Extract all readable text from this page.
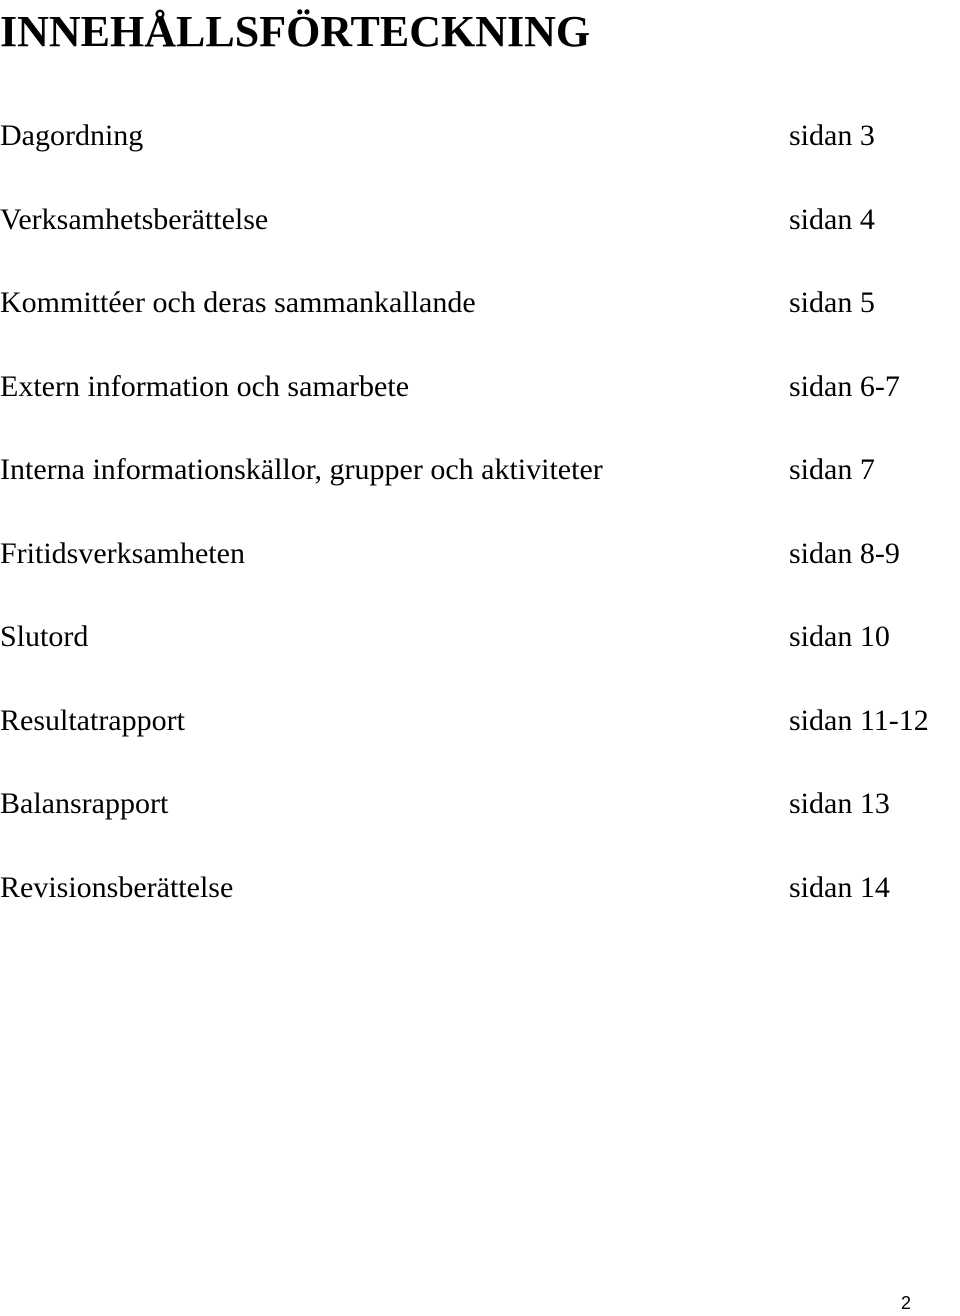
INNEHÅLLSFÖRTECKNING
Dagordning	sidan 3
Verksamhetsberättelse	sidan 4
Kommittéer och deras sammankallande	sidan 5
Extern information och samarbete	sidan 6-7
Interna informationskällor, grupper och aktiviteter	sidan 7
Fritidsverksamheten	sidan 8-9
Slutord	sidan 10
Resultatrapport	sidan 11-12
Balansrapport	sidan 13
Revisionsberättelse	sidan 14
2
